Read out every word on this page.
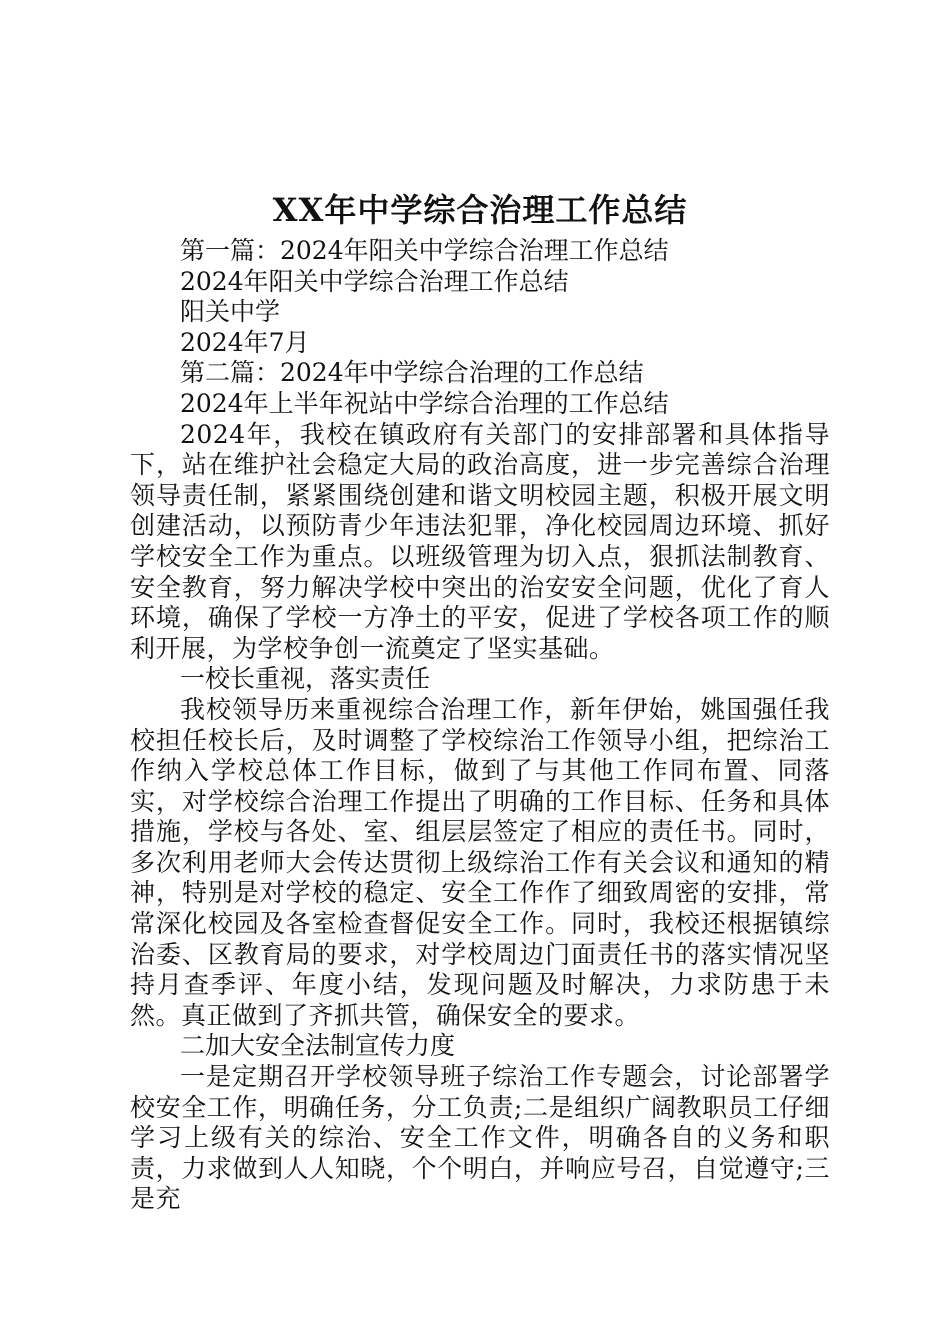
XX年中学综合治理工作总结

第一篇：2024年阳关中学综合治理工作总结

2024年阳关中学综合治理工作总结

阳关中学

2024年7月

第二篇：2024年中学综合治理的工作总结

2024年上半年祝站中学综合治理的工作总结

2024年，我校在镇政府有关部门的安排部署和具体指导下，站在维护社会稳定大局的政治高度，进一步完善综合治理领导责任制，紧紧围绕创建和谐文明校园主题，积极开展文明创建活动，以预防青少年违法犯罪，净化校园周边环境、抓好学校安全工作为重点。以班级管理为切入点，狠抓法制教育、安全教育，努力解决学校中突出的治安安全问题，优化了育人环境，确保了学校一方净土的平安，促进了学校各项工作的顺利开展，为学校争创一流奠定了坚实基础。

一校长重视，落实责任

我校领导历来重视综合治理工作，新年伊始，姚国强任我校担任校长后，及时调整了学校综治工作领导小组，把综治工作纳入学校总体工作目标，做到了与其他工作同布置、同落实，对学校综合治理工作提出了明确的工作目标、任务和具体措施，学校与各处、室、组层层签定了相应的责任书。同时，多次利用老师大会传达贯彻上级综治工作有关会议和通知的精神，特别是对学校的稳定、安全工作作了细致周密的安排，常常深化校园及各室检查督促安全工作。同时，我校还根据镇综治委、区教育局的要求，对学校周边门面责任书的落实情况坚持月查季评、年度小结，发现问题及时解决，力求防患于未然。真正做到了齐抓共管，确保安全的要求。

二加大安全法制宣传力度

一是定期召开学校领导班子综治工作专题会，讨论部署学校安全工作，明确任务，分工负责;二是组织广阔教职员工仔细学习上级有关的综治、安全工作文件，明确各自的义务和职责，力求做到人人知晓，个个明白，并响应号召，自觉遵守;三是充
